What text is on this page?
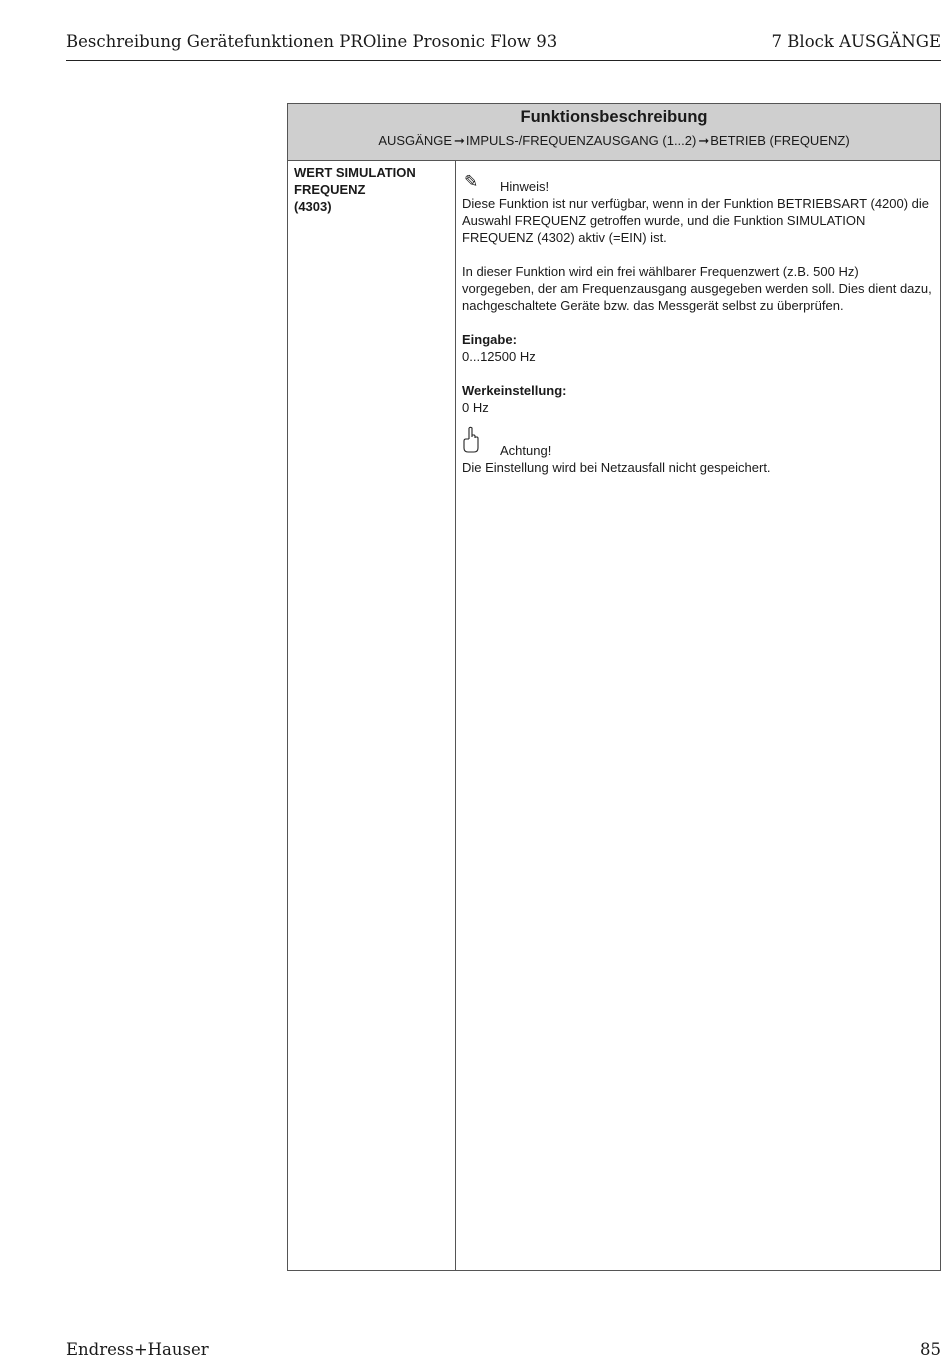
Beschreibung Gerätefunktionen PROline Prosonic Flow 93	7 Block AUSGÄNGE
Funktionsbeschreibung
AUSGÄNGE ➞IMPULS-/FREQUENZAUSGANG (1...2) ➞BETRIEB (FREQUENZ)
WERT SIMULATION
FREQUENZ
(4303)
✎ Hinweis!

Diese Funktion ist nur verfügbar, wenn in der Funktion BETRIEBSART (4200) die Auswahl FREQUENZ getroffen wurde, und die Funktion SIMULATION FREQUENZ (4302) aktiv (=EIN) ist.

In dieser Funktion wird ein frei wählbarer Frequenzwert (z.B. 500 Hz) vorgegeben, der am Frequenzausgang ausgegeben werden soll. Dies dient dazu, nachgeschaltete Geräte bzw. das Messgerät selbst zu überprüfen.

Eingabe:
0...12500 Hz
Werkeinstellung:
0 Hz
Achtung!

Die Einstellung wird bei Netzausfall nicht gespeichert.

Endress+Hauser	85
